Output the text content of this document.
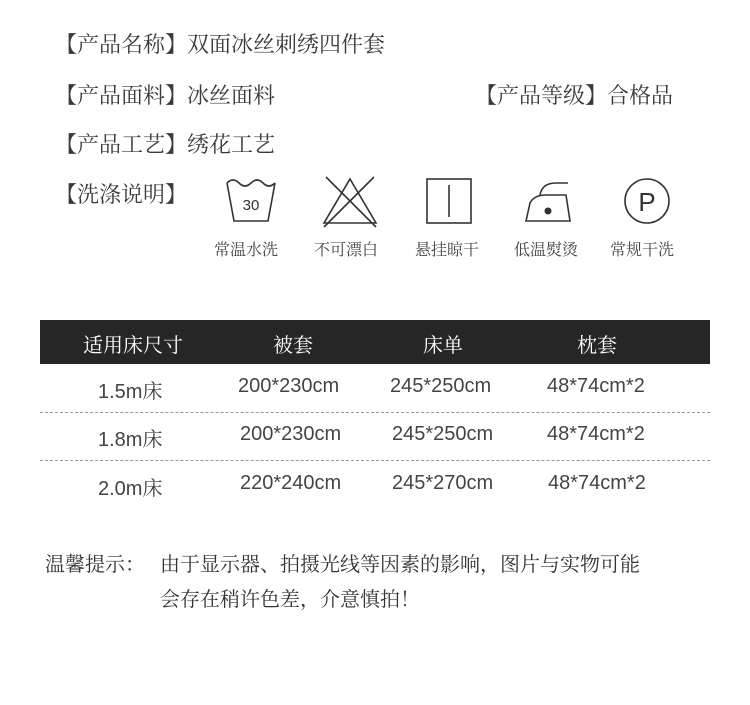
【产品名称】双面冰丝刺绣四件套
【产品面料】冰丝面料	【产品等级】合格品
【产品工艺】绣花工艺
【洗涤说明】	30	P
常温水洗 不可漂白 悬挂晾干 低温熨烫 常规干洗
适用床尺寸	被套	床单	枕套
1.5m床	200*230cm	245*250cm	48*74cm*2
1.8m床	200*230cm	245*250cm	48*74cm*2
2.0m床	220*240cm	245*270cm	48*74cm*2
温馨提示： 由于显示器、拍摄光线等因素的影响，图片与实物可能
会存在稍许色差，介意慎拍！
